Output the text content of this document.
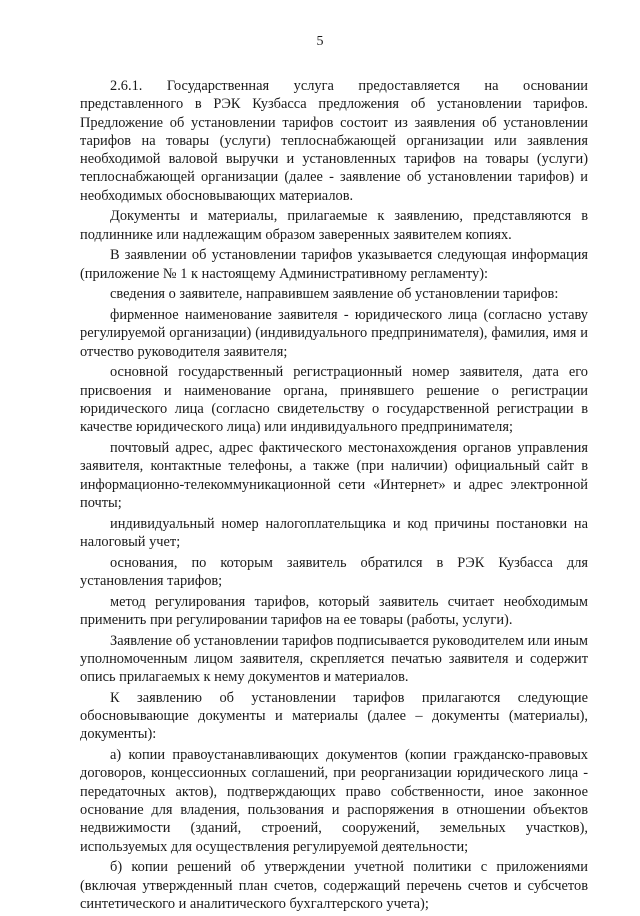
5

2.6.1. Государственная услуга предоставляется на основании представленного в РЭК Кузбасса предложения об установлении тарифов. Предложение об установлении тарифов состоит из заявления об установлении тарифов на товары (услуги) теплоснабжающей организации или заявления необходимой валовой выручки и установленных тарифов на товары (услуги) теплоснабжающей организации (далее - заявление об установлении тарифов) и необходимых обосновывающих материалов.

Документы и материалы, прилагаемые к заявлению, представляются в подлиннике или надлежащим образом заверенных заявителем копиях.

В заявлении об установлении тарифов указывается следующая информация (приложение № 1 к настоящему Административному регламенту):

сведения о заявителе, направившем заявление об установлении тарифов:

фирменное наименование заявителя - юридического лица (согласно уставу регулируемой организации) (индивидуального предпринимателя), фамилия, имя и отчество руководителя заявителя;

основной государственный регистрационный номер заявителя, дата его присвоения и наименование органа, принявшего решение о регистрации юридического лица (согласно свидетельству о государственной регистрации в качестве юридического лица) или индивидуального предпринимателя;

почтовый адрес, адрес фактического местонахождения органов управления заявителя, контактные телефоны, а также (при наличии) официальный сайт в информационно-телекоммуникационной сети «Интернет» и адрес электронной почты;

индивидуальный номер налогоплательщика и код причины постановки на налоговый учет;

основания, по которым заявитель обратился в РЭК Кузбасса для установления тарифов;

метод регулирования тарифов, который заявитель считает необходимым применить при регулировании тарифов на ее товары (работы, услуги).

Заявление об установлении тарифов подписывается руководителем или иным уполномоченным лицом заявителя, скрепляется печатью заявителя и содержит опись прилагаемых к нему документов и материалов.

К заявлению об установлении тарифов прилагаются следующие обосновывающие документы и материалы (далее – документы (материалы), документы):

а) копии правоустанавливающих документов (копии гражданско-правовых договоров, концессионных соглашений, при реорганизации юридического лица - передаточных актов), подтверждающих право собственности, иное законное основание для владения, пользования и распоряжения в отношении объектов недвижимости (зданий, строений, сооружений, земельных участков), используемых для осуществления регулируемой деятельности;

б) копии решений об утверждении учетной политики с приложениями (включая утвержденный план счетов, содержащий перечень счетов и субсчетов синтетического и аналитического бухгалтерского учета);
